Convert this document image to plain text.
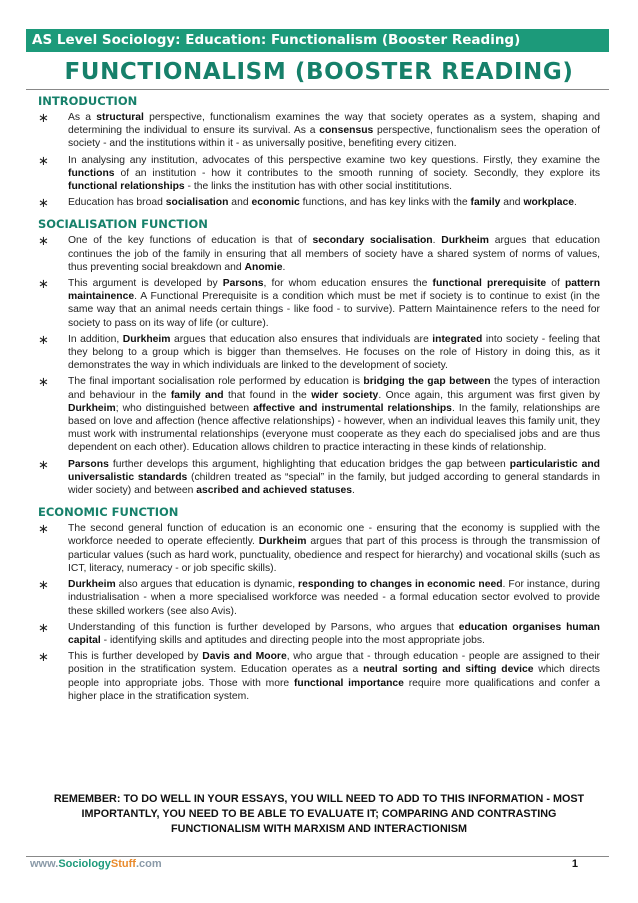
AS Level Sociology: Education: Functionalism (Booster Reading)
FUNCTIONALISM (BOOSTER READING)
INTRODUCTION
∗ As a structural perspective, functionalism examines the way that society operates as a system, shaping and determining the individual to ensure its survival. As a consensus perspective, functionalism sees the operation of society - and the institutions within it - as universally positive, benefiting every citizen.
∗ In analysing any institution, advocates of this perspective examine two key questions. Firstly, they examine the functions of an institution - how it contributes to the smooth running of society. Secondly, they explore its functional relationships - the links the institution has with other social instititutions.
∗ Education has broad socialisation and economic functions, and has key links with the family and workplace.
SOCIALISATION FUNCTION
∗ One of the key functions of education is that of secondary socialisation. Durkheim argues that education continues the job of the family in ensuring that all members of society have a shared system of norms of values, thus preventing social breakdown and Anomie.
∗ This argument is developed by Parsons, for whom education ensures the functional prerequisite of pattern maintainence. A Functional Prerequisite is a condition which must be met if society is to continue to exist (in the same way that an animal needs certain things - like food - to survive). Pattern Maintainence refers to the need for society to pass on its way of life (or culture).
∗ In addition, Durkheim argues that education also ensures that individuals are integrated into society - feeling that they belong to a group which is bigger than themselves. He focuses on the role of History in doing this, as it demonstrates the way in which individuals are linked to the development of society.
∗ The final important socialisation role performed by education is bridging the gap between the types of interaction and behaviour in the family and that found in the wider society. Once again, this argument was first given by Durkheim; who distinguished between affective and instrumental relationships. In the family, relationships are based on love and affection (hence affective relationships) - however, when an individual leaves this family unit, they must work with instrumental relationships (everyone must cooperate as they each do specialised jobs and are thus dependent on each other). Education allows children to practice interacting in these kinds of relationship.
∗ Parsons further develops this argument, highlighting that education bridges the gap between particularistic and universalistic standards (children treated as “special” in the family, but judged according to general standards in wider society) and between ascribed and achieved statuses.
ECONOMIC FUNCTION
∗ The second general function of education is an economic one - ensuring that the economy is supplied with the workforce needed to operate effeciently. Durkheim argues that part of this process is through the transmission of particular values (such as hard work, punctuality, obedience and respect for hierarchy) and vocational skills (such as ICT, literacy, numeracy - or job specific skills).
∗ Durkheim also argues that education is dynamic, responding to changes in economic need. For instance, during industrialisation - when a more specialised workforce was needed - a formal education sector evolved to provide these skilled workers (see also Avis).
∗ Understanding of this function is further developed by Parsons, who argues that education organises human capital - identifying skills and aptitudes and directing people into the most appropriate jobs.
∗ This is further developed by Davis and Moore, who argue that - through education - people are assigned to their position in the stratification system. Education operates as a neutral sorting and sifting device which directs people into appropriate jobs. Those with more functional importance require more qualifications and confer a higher place in the stratification system.
REMEMBER: TO DO WELL IN YOUR ESSAYS, YOU WILL NEED TO ADD TO THIS INFORMATION - MOST
IMPORTANTLY, YOU NEED TO BE ABLE TO EVALUATE IT; COMPARING AND CONTRASTING
FUNCTIONALISM WITH MARXISM AND INTERACTIONISM
www.SociologyStuff.com	1
